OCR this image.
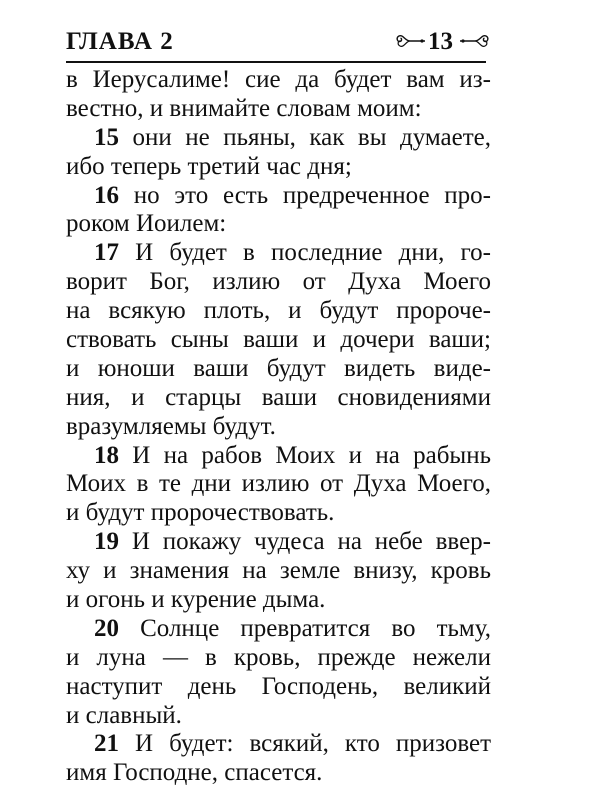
ГЛАВА 2	13
в Иерусалиме! сие да будет вам из-
вестно, и внимайте словам моим:
15 они не пьяны, как вы думаете,
ибо теперь третий час дня;
16 но это есть предреченное про-
роком Иоилем:
17 И будет в последние дни, го-
ворит Бог, излию от Духа Моего
на всякую плоть, и будут пророче-
ствовать сыны ваши и дочери ваши;
и юноши ваши будут видеть виде-
ния, и старцы ваши сновидениями
вразумляемы будут.
18 И на рабов Моих и на рабынь
Моих в те дни излию от Духа Моего,
и будут пророчествовать.
19 И покажу чудеса на небе ввер-
ху и знамения на земле внизу, кровь
и огонь и курение дыма.
20 Солнце превратится во тьму,
и луна — в кровь, прежде нежели
наступит день Господень, великий
и славный.
21 И будет: всякий, кто призовет
имя Господне, спасется.
